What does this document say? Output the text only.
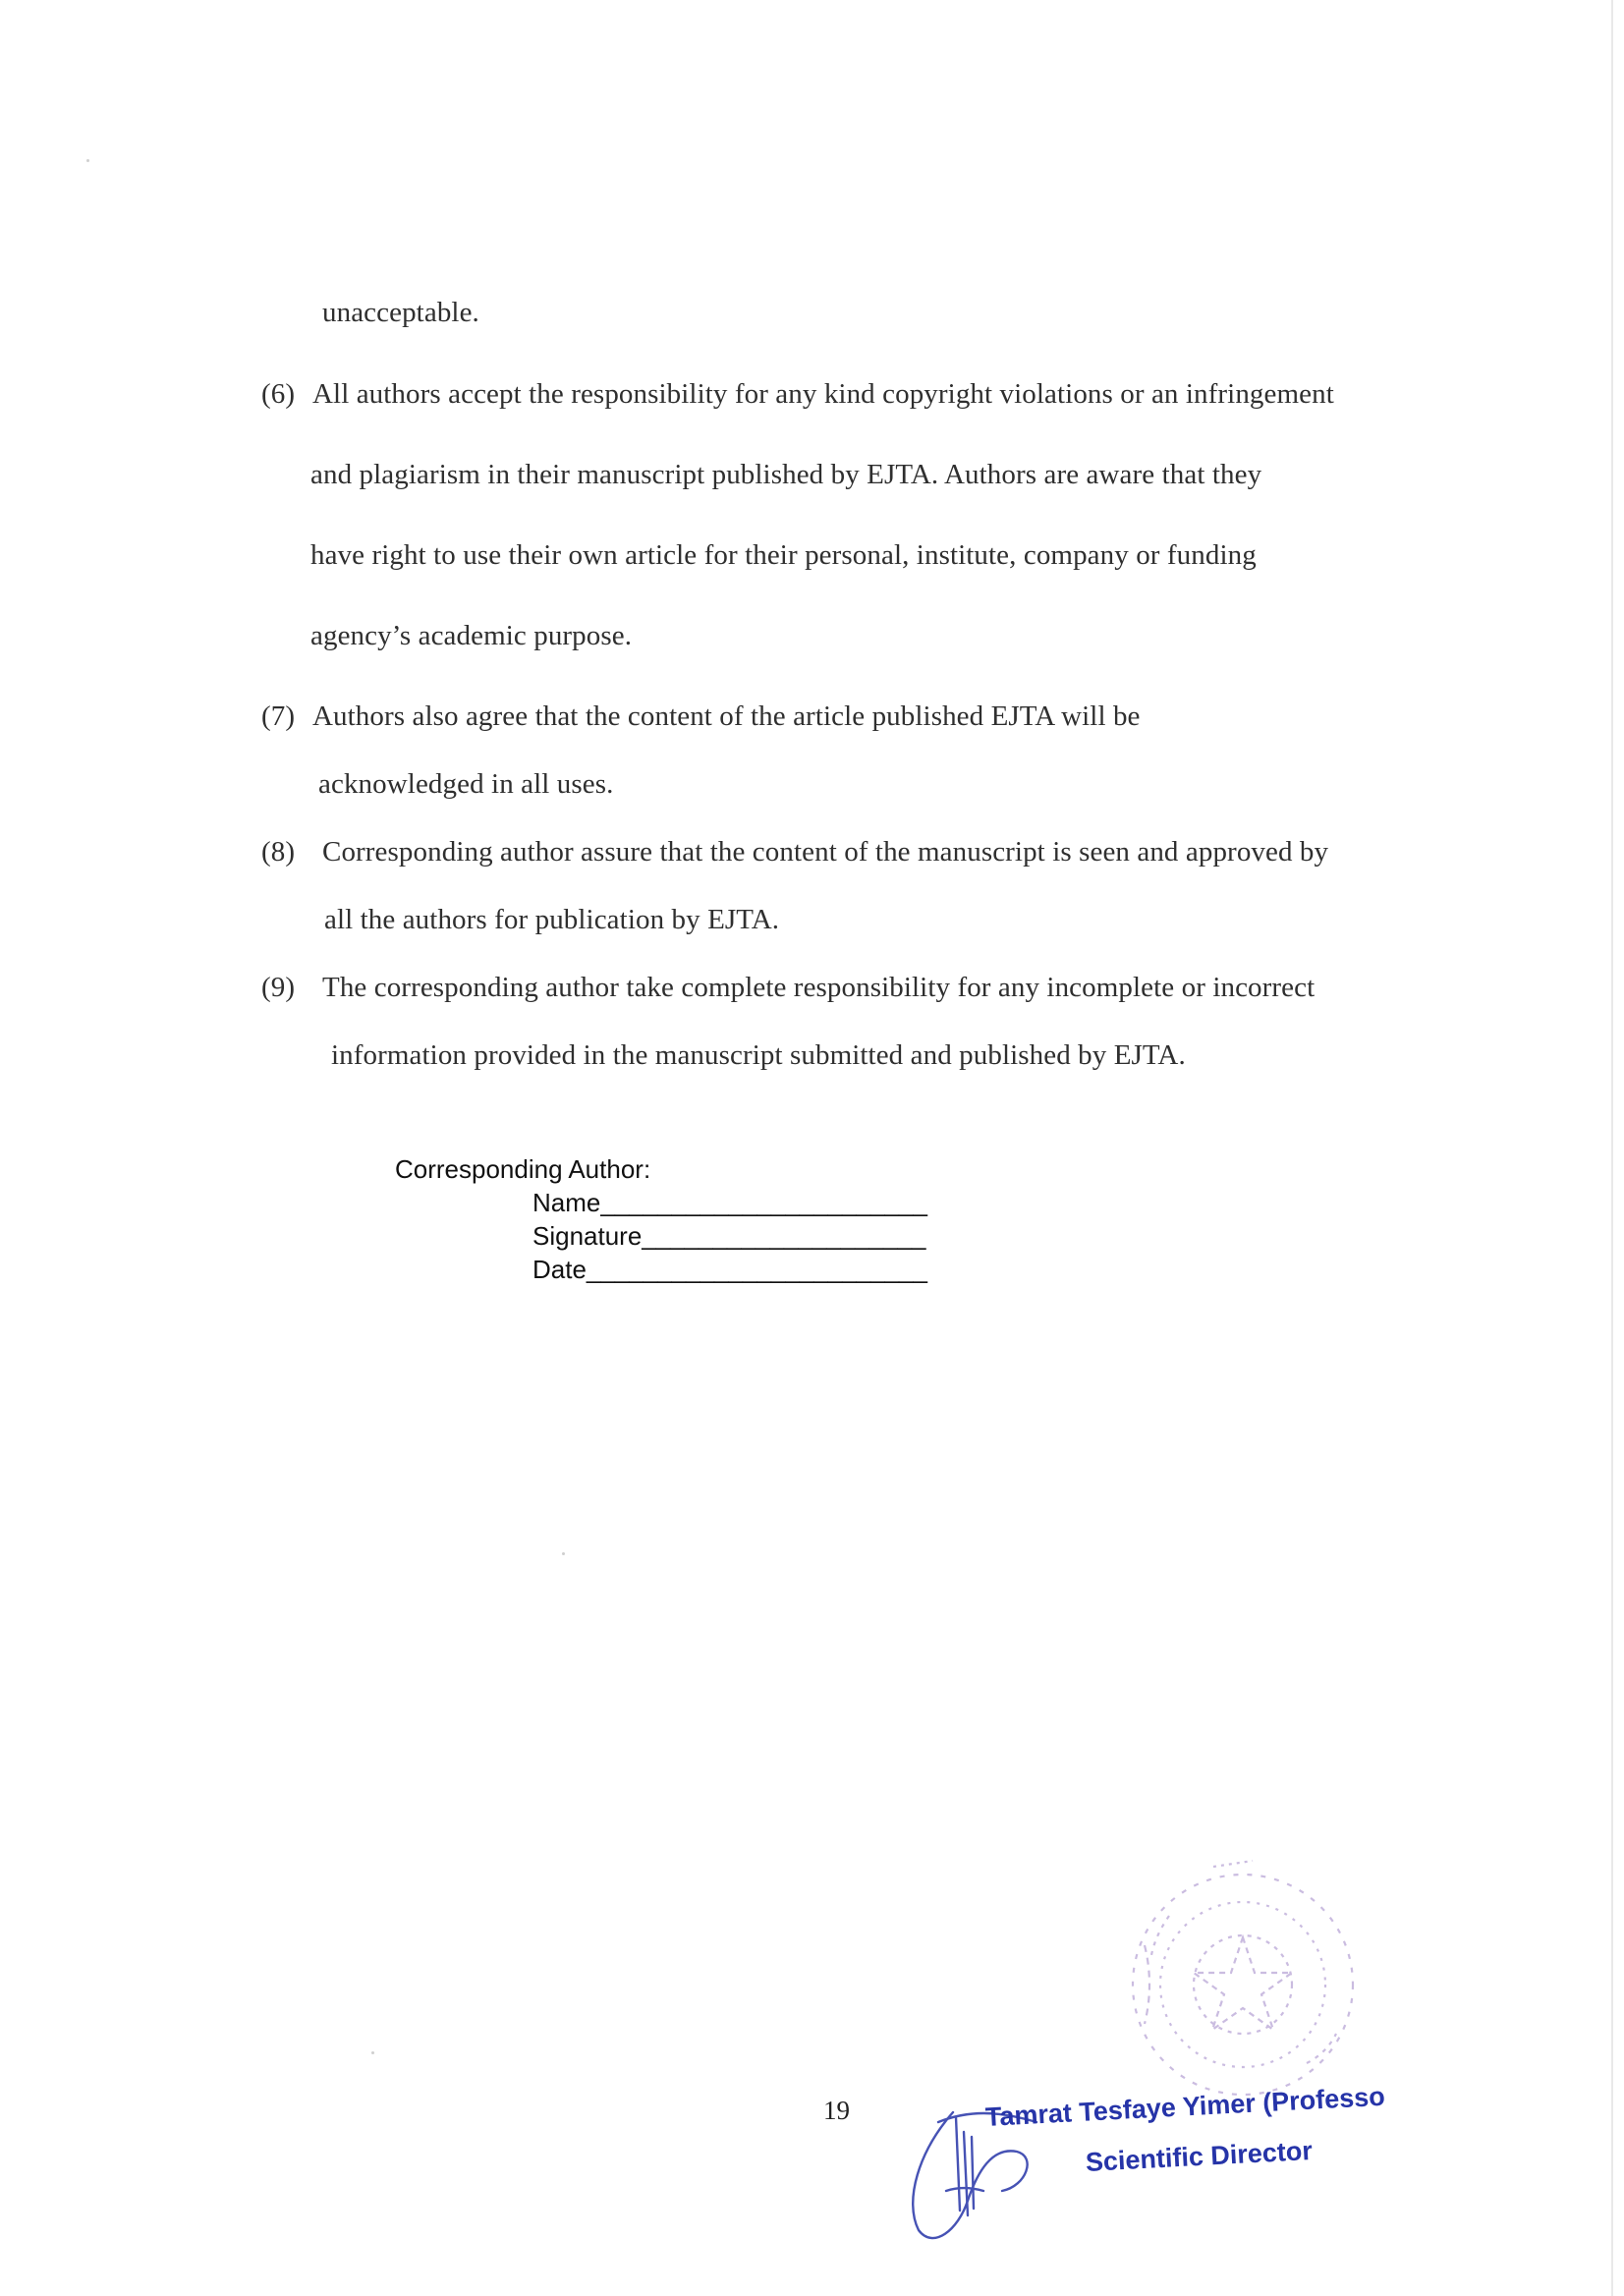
unacceptable.
(6) All authors accept the responsibility for any kind copyright violations or an infringement
and plagiarism in their manuscript published by EJTA. Authors are aware that they
have right to use their own article for their personal, institute, company or funding
agency’s academic purpose.
(7) Authors also agree that the content of the article published EJTA will be
acknowledged in all uses.
(8) Corresponding author assure that the content of the manuscript is seen and approved by
all the authors for publication by EJTA.
(9) The corresponding author take complete responsibility for any incomplete or incorrect
information provided in the manuscript submitted and published by EJTA.
Corresponding Author:
Name_______________________
Signature____________________
Date________________________
19	Tamrat Tesfaye Yimer (Professo
Scientific Director
